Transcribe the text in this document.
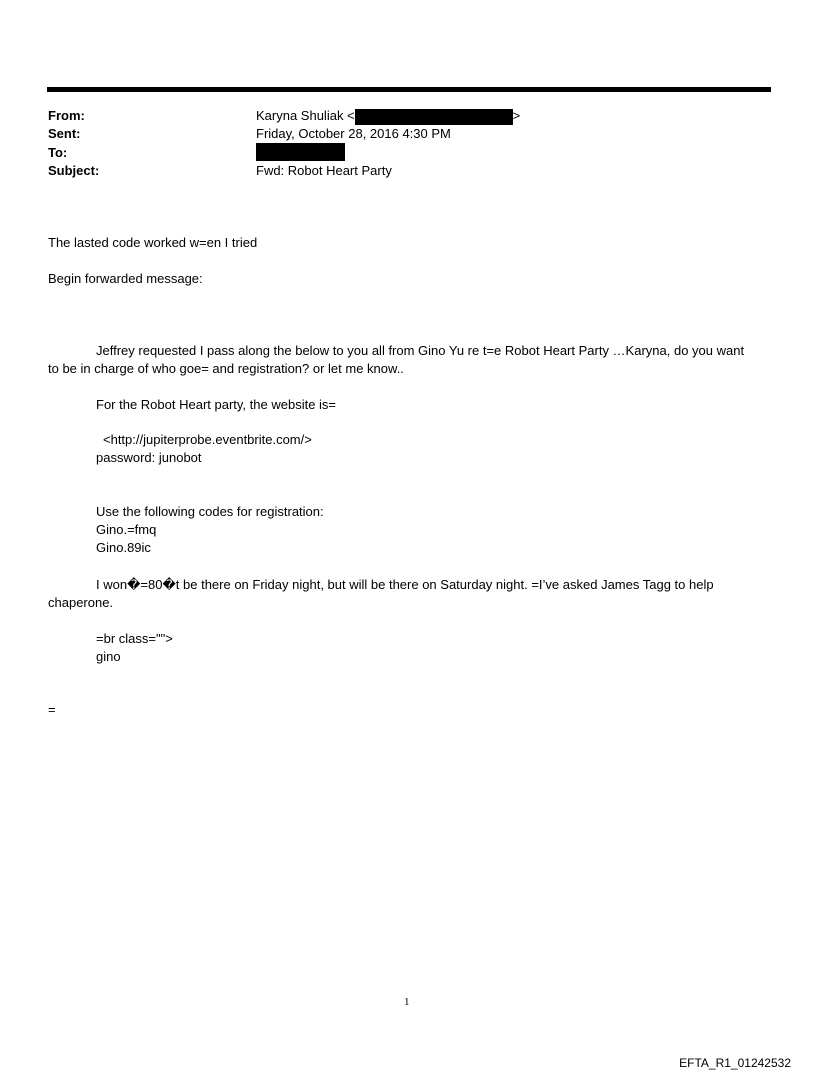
From:	Karyna Shuliak <	>
Sent:	Friday, October 28, 2016 4:30 PM
To:
Subject:	Fwd: Robot Heart Party
The lasted code worked w=en I tried
Begin forwarded message:
Jeffrey requested I pass along the below to you all from Gino Yu re t=e Robot Heart Party …Karyna, do you want
to be in charge of who goe= and registration? or let me know..
For the Robot Heart party, the website is=
<http://jupiterprobe.eventbrite.com/>
password: junobot
Use the following codes for registration:
Gino.=fmq
Gino.89ic
I won�=80�t be there on Friday night, but will be there on Saturday night. =I’ve asked James Tagg to help
chaperone.
=br class="">
gino
=
1
EFTA_R1_01242532
